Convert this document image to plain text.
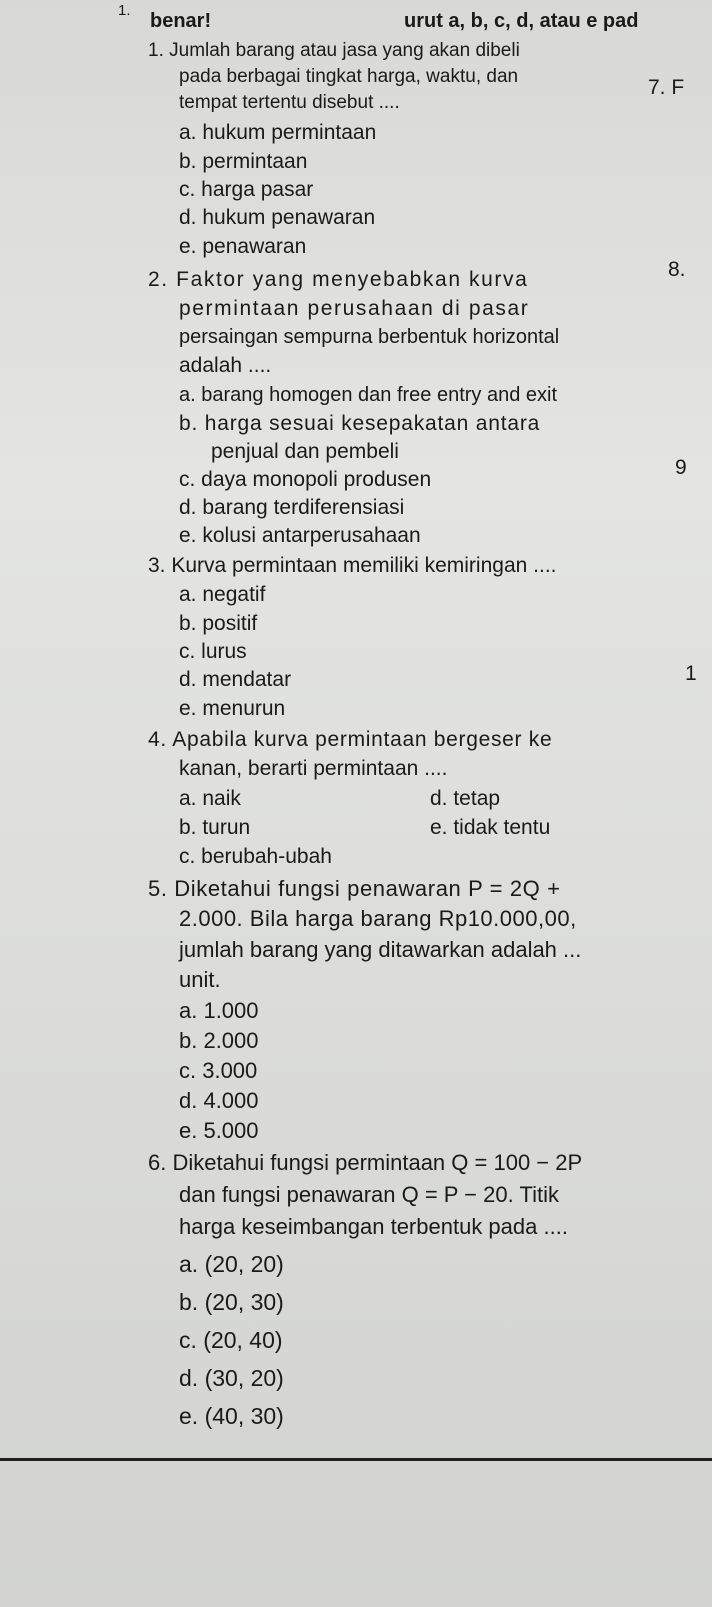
1. benar!	urut a, b, c, d, atau e pad
7. F
8.
9
1
1. Jumlah barang atau jasa yang akan dibeli
pada berbagai tingkat harga, waktu, dan
tempat tertentu disebut ....
a. hukum permintaan
b. permintaan
c. harga pasar
d. hukum penawaran
e. penawaran
2. Faktor yang menyebabkan kurva
permintaan perusahaan di pasar
persaingan sempurna berbentuk horizontal
adalah ....
a. barang homogen dan free entry and exit
b. harga sesuai kesepakatan antara
penjual dan pembeli
c. daya monopoli produsen
d. barang terdiferensiasi
e. kolusi antarperusahaan
3. Kurva permintaan memiliki kemiringan ....
a. negatif
b. positif
c. lurus
d. mendatar
e. menurun
4. Apabila kurva permintaan bergeser ke
kanan, berarti permintaan ....
a. naik	d. tetap
b. turun	e. tidak tentu
c. berubah-ubah
5. Diketahui fungsi penawaran P = 2Q +
2.000. Bila harga barang Rp10.000,00,
jumlah barang yang ditawarkan adalah ...
unit.
a. 1.000
b. 2.000
c. 3.000
d. 4.000
e. 5.000
6. Diketahui fungsi permintaan Q = 100 − 2P
dan fungsi penawaran Q = P − 20. Titik
harga keseimbangan terbentuk pada ....
a. (20, 20)
b. (20, 30)
c. (20, 40)
d. (30, 20)
e. (40, 30)
